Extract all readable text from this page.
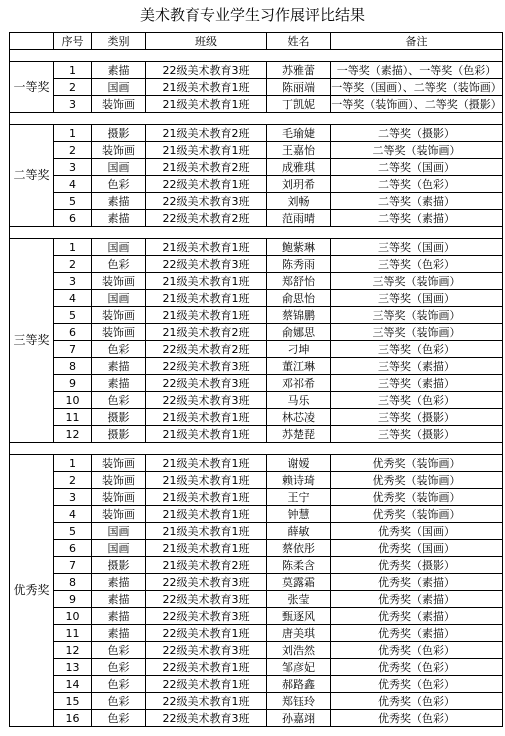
美术教育专业学生习作展评比结果
	序号	类别	班级	姓名	备注

一等奖	1	素描	22级美术教育3班	苏雅蕾	一等奖（素描）、一等奖（色彩）
	2	国画	21级美术教育1班	陈丽端	一等奖（国画）、二等奖（装饰画）
	3	装饰画	21级美术教育1班	丁凯妮	一等奖（装饰画）、二等奖（摄影）

二等奖	1	摄影	21级美术教育2班	毛瑜婕	二等奖（摄影）
	2	装饰画	21级美术教育1班	王嘉怡	二等奖（装饰画）
	3	国画	21级美术教育2班	成雅琪	二等奖（国画）
	4	色彩	22级美术教育1班	刘玥希	二等奖（色彩）
	5	素描	22级美术教育3班	刘畅	二等奖（素描）
	6	素描	22级美术教育2班	范雨晴	二等奖（素描）

三等奖	1	国画	21级美术教育1班	鲍紫琳	三等奖（国画）
	2	色彩	22级美术教育3班	陈秀雨	三等奖（色彩）
	3	装饰画	21级美术教育1班	郑舒怡	三等奖（装饰画）
	4	国画	21级美术教育1班	俞思怡	三等奖（国画）
	5	装饰画	21级美术教育1班	蔡锦鹏	三等奖（装饰画）
	6	装饰画	21级美术教育2班	俞娜思	三等奖（装饰画）
	7	色彩	22级美术教育2班	刁坤	三等奖（色彩）
	8	素描	22级美术教育3班	董江琳	三等奖（素描）
	9	素描	22级美术教育3班	邓祁希	三等奖（素描）
	10	色彩	22级美术教育3班	马乐	三等奖（色彩）
	11	摄影	21级美术教育1班	林芯凌	三等奖（摄影）
	12	摄影	21级美术教育1班	苏楚琵	三等奖（摄影）

优秀奖	1	装饰画	21级美术教育1班	谢嫒	优秀奖（装饰画）
	2	装饰画	21级美术教育1班	赖诗琦	优秀奖（装饰画）
	3	装饰画	21级美术教育1班	王宁	优秀奖（装饰画）
	4	装饰画	21级美术教育1班	钟慧	优秀奖（装饰画）
	5	国画	21级美术教育1班	薛敏	优秀奖（国画）
	6	国画	21级美术教育1班	蔡依彤	优秀奖（国画）
	7	摄影	21级美术教育2班	陈柔含	优秀奖（摄影）
	8	素描	22级美术教育3班	莫露霜	优秀奖（素描）
	9	素描	22级美术教育3班	张莹	优秀奖（素描）
	10	素描	22级美术教育3班	甄逐风	优秀奖（素描）
	11	素描	22级美术教育1班	唐美琪	优秀奖（素描）
	12	色彩	22级美术教育3班	刘浩然	优秀奖（色彩）
	13	色彩	22级美术教育1班	邹彦妃	优秀奖（色彩）
	14	色彩	22级美术教育1班	郝路鑫	优秀奖（色彩）
	15	色彩	22级美术教育1班	郑钰玲	优秀奖（色彩）
	16	色彩	22级美术教育3班	孙嘉翊	优秀奖（色彩）
